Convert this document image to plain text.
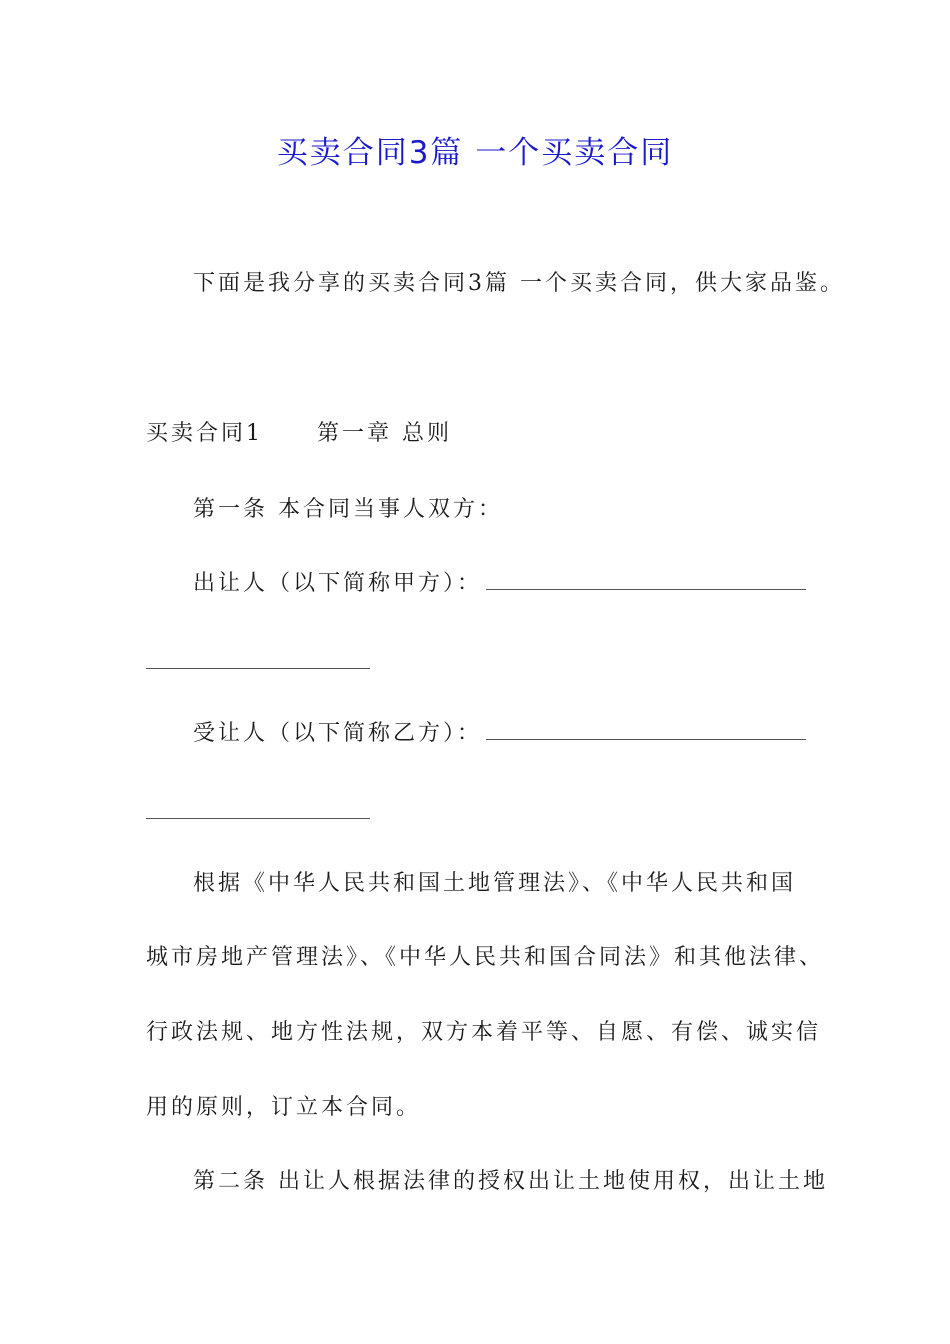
买卖合同3篇 一个买卖合同
下面是我分享的买卖合同3篇 一个买卖合同，供大家品鉴。
买卖合同1 第一章 总则
第一条 本合同当事人双方：
出让人（以下简称甲方）：
受让人（以下简称乙方）：
根据《中华人民共和国土地管理法》、《中华人民共和国
城市房地产管理法》、《中华人民共和国合同法》和其他法律、
行政法规、地方性法规，双方本着平等、自愿、有偿、诚实信
用的原则，订立本合同。
第二条 出让人根据法律的授权出让土地使用权，出让土地
